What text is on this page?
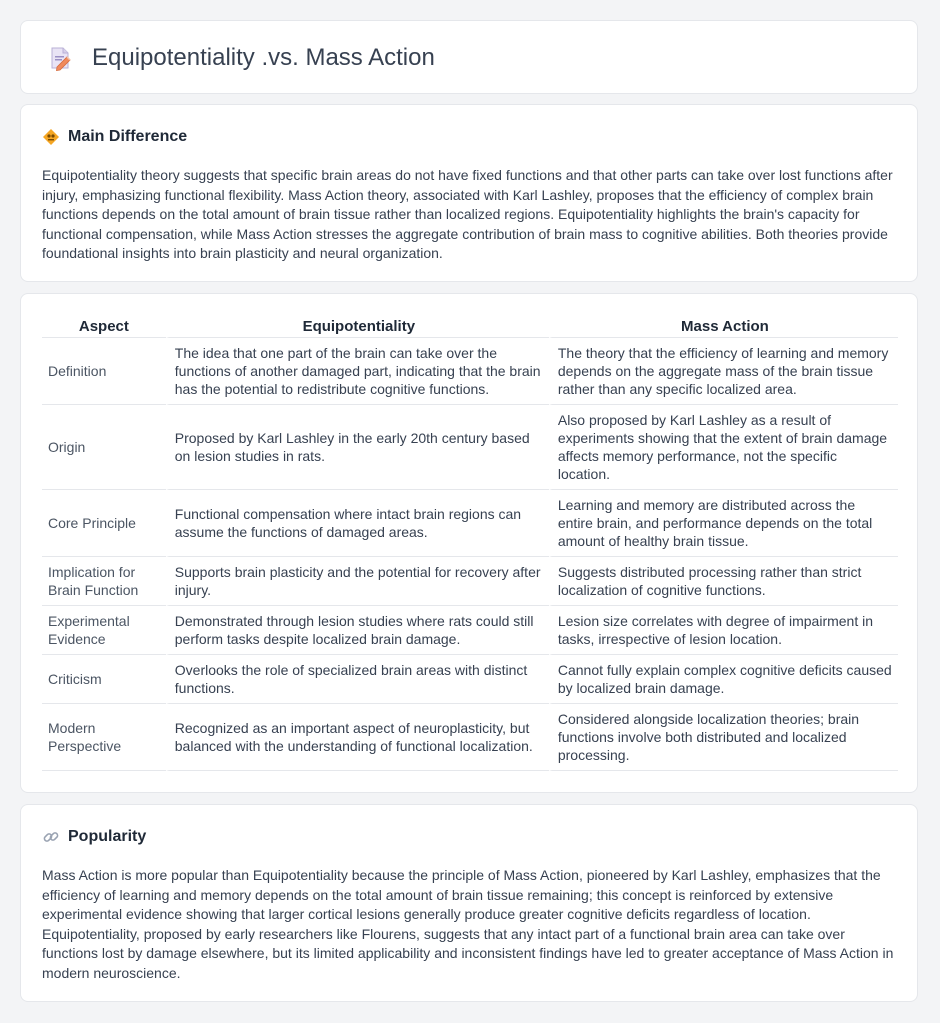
Equipotentiality .vs. Mass Action
Main Difference

Equipotentiality theory suggests that specific brain areas do not have fixed functions and that other parts can take over lost functions after injury, emphasizing functional flexibility. Mass Action theory, associated with Karl Lashley, proposes that the efficiency of complex brain functions depends on the total amount of brain tissue rather than localized regions. Equipotentiality highlights the brain's capacity for functional compensation, while Mass Action stresses the aggregate contribution of brain mass to cognitive abilities. Both theories provide foundational insights into brain plasticity and neural organization.

Aspect	Equipotentiality	Mass Action
Definition	The idea that one part of the brain can take over the functions of another damaged part, indicating that the brain has the potential to redistribute cognitive functions.	The theory that the efficiency of learning and memory depends on the aggregate mass of the brain tissue rather than any specific localized area.
Origin	Proposed by Karl Lashley in the early 20th century based on lesion studies in rats.	Also proposed by Karl Lashley as a result of experiments showing that the extent of brain damage affects memory performance, not the specific location.
Core Principle	Functional compensation where intact brain regions can assume the functions of damaged areas.	Learning and memory are distributed across the entire brain, and performance depends on the total amount of healthy brain tissue.
Implication for Brain Function	Supports brain plasticity and the potential for recovery after injury.	Suggests distributed processing rather than strict localization of cognitive functions.
Experimental Evidence	Demonstrated through lesion studies where rats could still perform tasks despite localized brain damage.	Lesion size correlates with degree of impairment in tasks, irrespective of lesion location.
Criticism	Overlooks the role of specialized brain areas with distinct functions.	Cannot fully explain complex cognitive deficits caused by localized brain damage.
Modern Perspective	Recognized as an important aspect of neuroplasticity, but balanced with the understanding of functional localization.	Considered alongside localization theories; brain functions involve both distributed and localized processing.
Popularity

Mass Action is more popular than Equipotentiality because the principle of Mass Action, pioneered by Karl Lashley, emphasizes that the efficiency of learning and memory depends on the total amount of brain tissue remaining; this concept is reinforced by extensive experimental evidence showing that larger cortical lesions generally produce greater cognitive deficits regardless of location. Equipotentiality, proposed by early researchers like Flourens, suggests that any intact part of a functional brain area can take over functions lost by damage elsewhere, but its limited applicability and inconsistent findings have led to greater acceptance of Mass Action in modern neuroscience.
